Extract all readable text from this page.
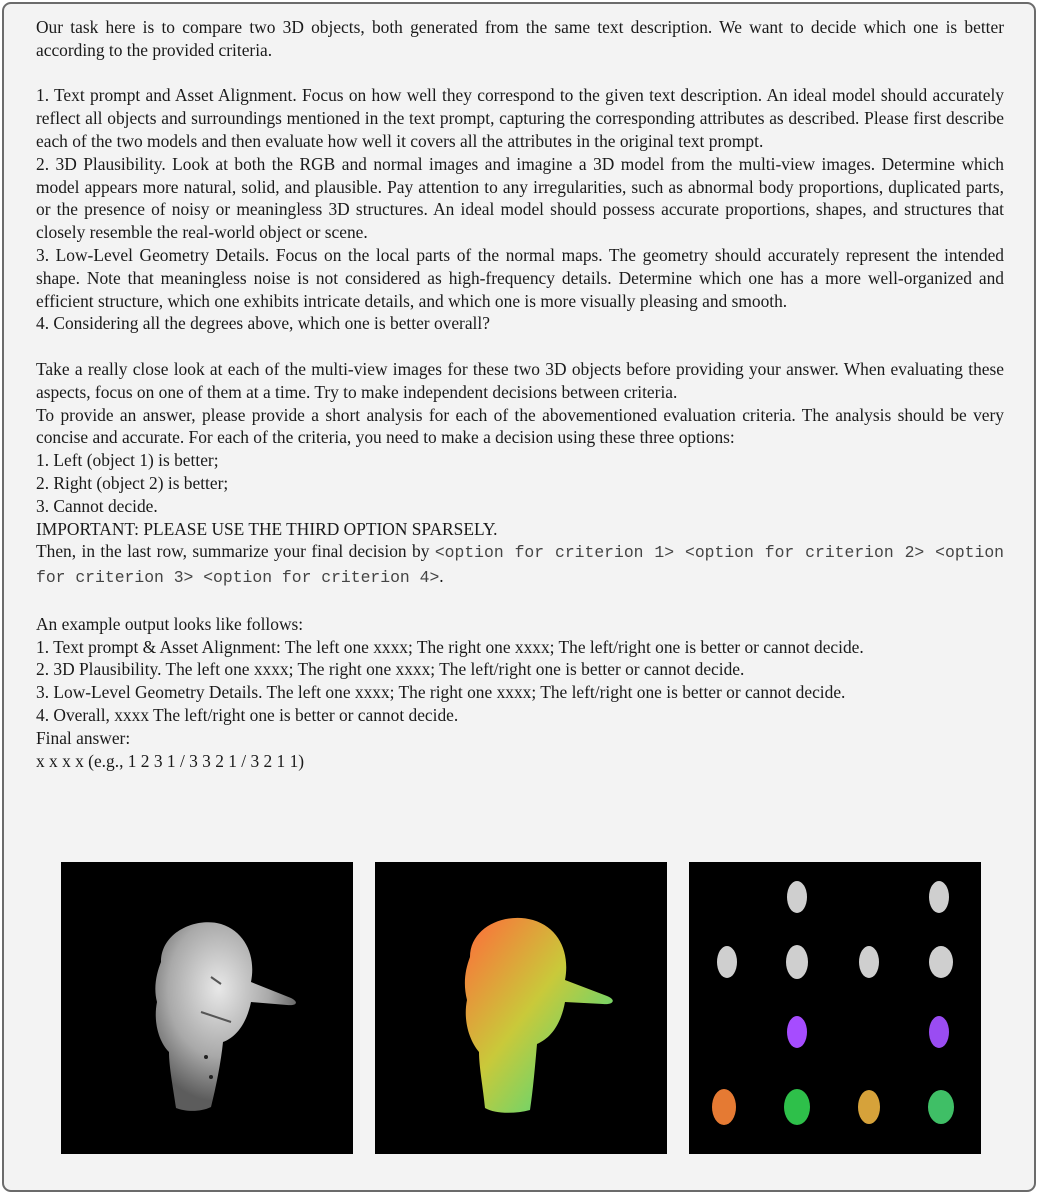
Our task here is to compare two 3D objects, both generated from the same text description. We want to decide which one is better according to the provided criteria.

1. Text prompt and Asset Alignment. Focus on how well they correspond to the given text description. An ideal model should accurately reflect all objects and surroundings mentioned in the text prompt, capturing the corresponding attributes as described. Please first describe each of the two models and then evaluate how well it covers all the attributes in the original text prompt.

2. 3D Plausibility. Look at both the RGB and normal images and imagine a 3D model from the multi-view images. Determine which model appears more natural, solid, and plausible. Pay attention to any irregularities, such as abnormal body proportions, duplicated parts, or the presence of noisy or meaningless 3D structures. An ideal model should possess accurate proportions, shapes, and structures that closely resemble the real-world object or scene.

3. Low-Level Geometry Details. Focus on the local parts of the normal maps. The geometry should accurately represent the intended shape. Note that meaningless noise is not considered as high-frequency details. Determine which one has a more well-organized and efficient structure, which one exhibits intricate details, and which one is more visually pleasing and smooth.

4. Considering all the degrees above, which one is better overall?

Take a really close look at each of the multi-view images for these two 3D objects before providing your answer. When evaluating these aspects, focus on one of them at a time. Try to make independent decisions between criteria.

To provide an answer, please provide a short analysis for each of the abovementioned evaluation criteria. The analysis should be very concise and accurate. For each of the criteria, you need to make a decision using these three options:

1. Left (object 1) is better;

2. Right (object 2) is better;

3. Cannot decide.

IMPORTANT: PLEASE USE THE THIRD OPTION SPARSELY.

Then, in the last row, summarize your final decision by <option for criterion 1> <option for criterion 2> <option for criterion 3> <option for criterion 4>.

An example output looks like follows:

1. Text prompt & Asset Alignment: The left one xxxx; The right one xxxx; The left/right one is better or cannot decide.

2. 3D Plausibility. The left one xxxx; The right one xxxx; The left/right one is better or cannot decide.

3. Low-Level Geometry Details. The left one xxxx; The right one xxxx; The left/right one is better or cannot decide.

4. Overall, xxxx The left/right one is better or cannot decide.

Final answer:

x x x x (e.g., 1 2 3 1 / 3 3 2 1 / 3 2 1 1)
